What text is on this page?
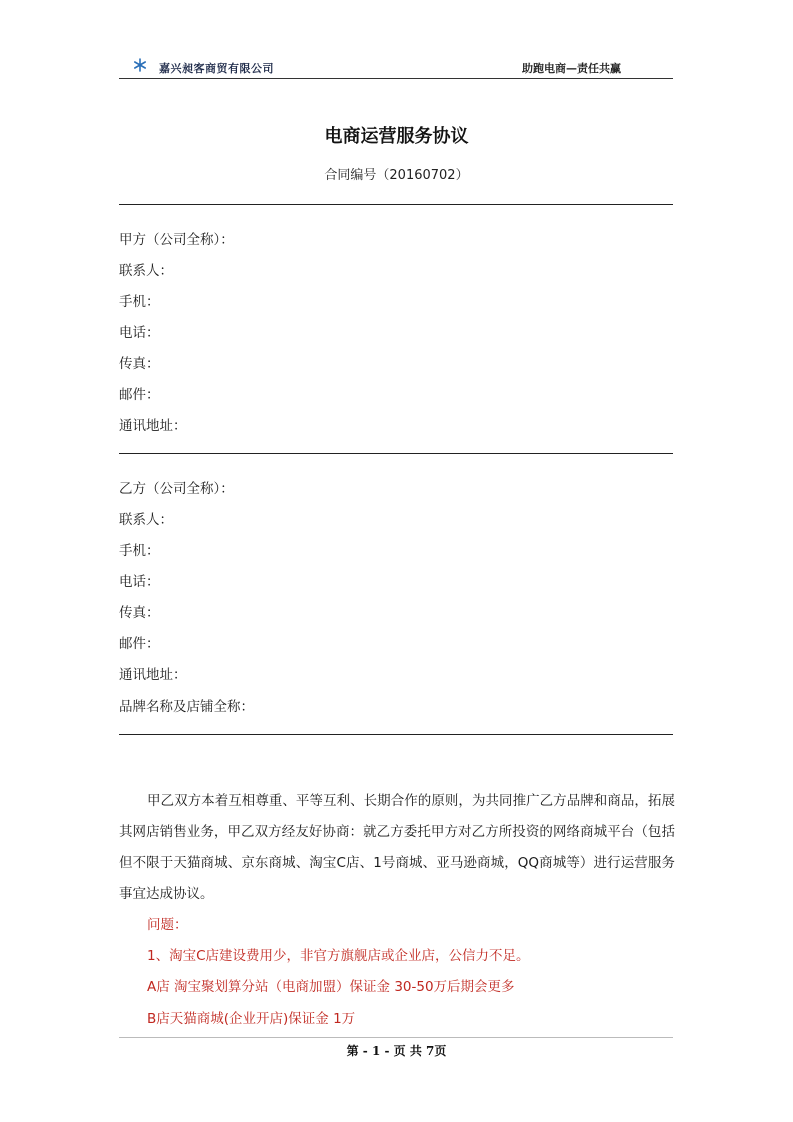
嘉兴昶客商贸有限公司	助跑电商—责任共赢
电商运营服务协议
合同编号（20160702）
甲方（公司全称）：
联系人：
手机：
电话：
传真：
邮件：
通讯地址：
乙方（公司全称）：
联系人：
手机：
电话：
传真：
邮件：
通讯地址：
品牌名称及店铺全称：

甲乙双方本着互相尊重、平等互利、长期合作的原则，为共同推广乙方品牌和商品，拓展其网店销售业务，甲乙双方经友好协商：就乙方委托甲方对乙方所投资的网络商城平台（包括但不限于天猫商城、京东商城、淘宝C店、1号商城、亚马逊商城，QQ商城等）进行运营服务事宜达成协议。

问题：
1、淘宝C店建设费用少，非官方旗舰店或企业店，公信力不足。
A店 淘宝聚划算分站（电商加盟）保证金 30-50万后期会更多
B店天猫商城(企业开店)保证金 1万
第 - 1 - 页 共 7页
